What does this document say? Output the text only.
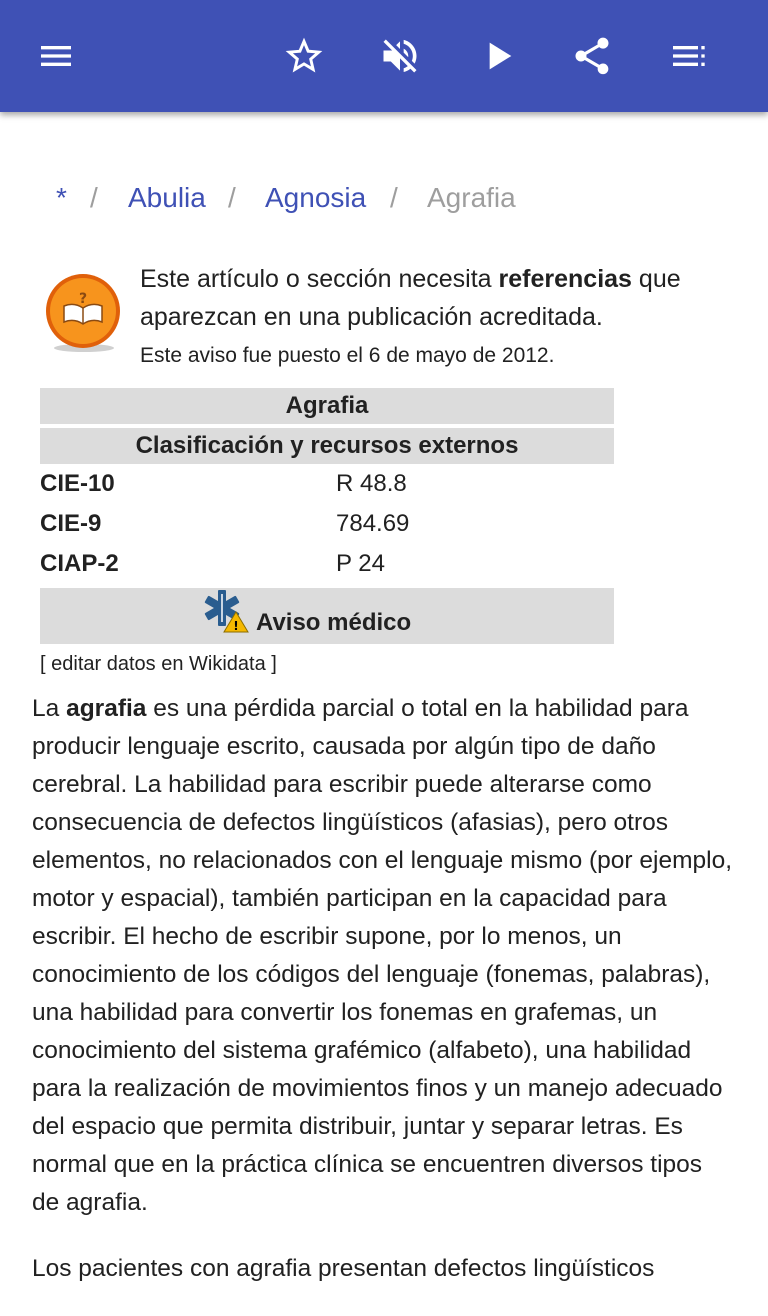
* / Abulia / Agnosia / Agrafia
?
Este artículo o sección necesita referencias que aparezcan en una publicación acreditada.
Este aviso fue puesto el 6 de mayo de 2012.
Agrafia
Clasificación y recursos externos
CIE-10	R 48.8
CIE-9	784.69
CIAP-2	P 24
! Aviso médico
[ editar datos en Wikidata ]

La agrafia es una pérdida parcial o total en la habilidad para producir lenguaje escrito, causada por algún tipo de daño cerebral. La habilidad para escribir puede alterarse como consecuencia de defectos lingüísticos (afasias), pero otros elementos, no relacionados con el lenguaje mismo (por ejemplo, motor y espacial), también participan en la capacidad para escribir. El hecho de escribir supone, por lo menos, un conocimiento de los códigos del lenguaje (fonemas, palabras), una habilidad para convertir los fonemas en grafemas, un conocimiento del sistema grafémico (alfabeto), una habilidad para la realización de movimientos finos y un manejo adecuado del espacio que permita distribuir, juntar y separar letras. Es normal que en la práctica clínica se encuentren diversos tipos de agrafia.

Los pacientes con agrafia presentan defectos lingüísticos
